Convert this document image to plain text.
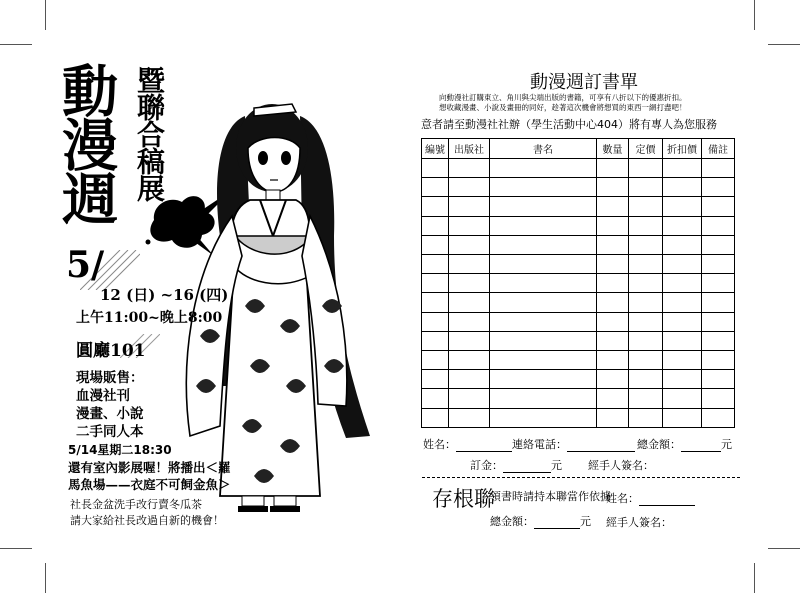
動漫週 暨聯合稿展
5/
12 (日) ~16 (四)
上午11:00~晚上8:00
圓廳101
現場販售：
血漫社刊
漫畫、小說
二手同人本
5/14星期二18:30
還有室內影展喔！將播出＜羅
馬魚場——衣庭不可飼金魚＞
社長金盆洗手改行賣冬瓜茶
請大家給社長改過自新的機會！
動漫週訂書單
向動漫社訂購東立、角川與尖端出版的書籍，可享有八折以下的優惠折扣。
想收藏漫畫、小說及畫冊的同好，趁著這次機會將想買的東西一網打盡吧！
意者請至動漫社社辦（學生活動中心404）將有專人為您服務
編號	出版社	書名	數量	定價	折扣價	備註

姓名：	連絡電話：	總金額：	元
訂金：	元 經手人簽名：
存根聯
領書時請持本聯當作依據
姓名：
總金額：	元 經手人簽名：
